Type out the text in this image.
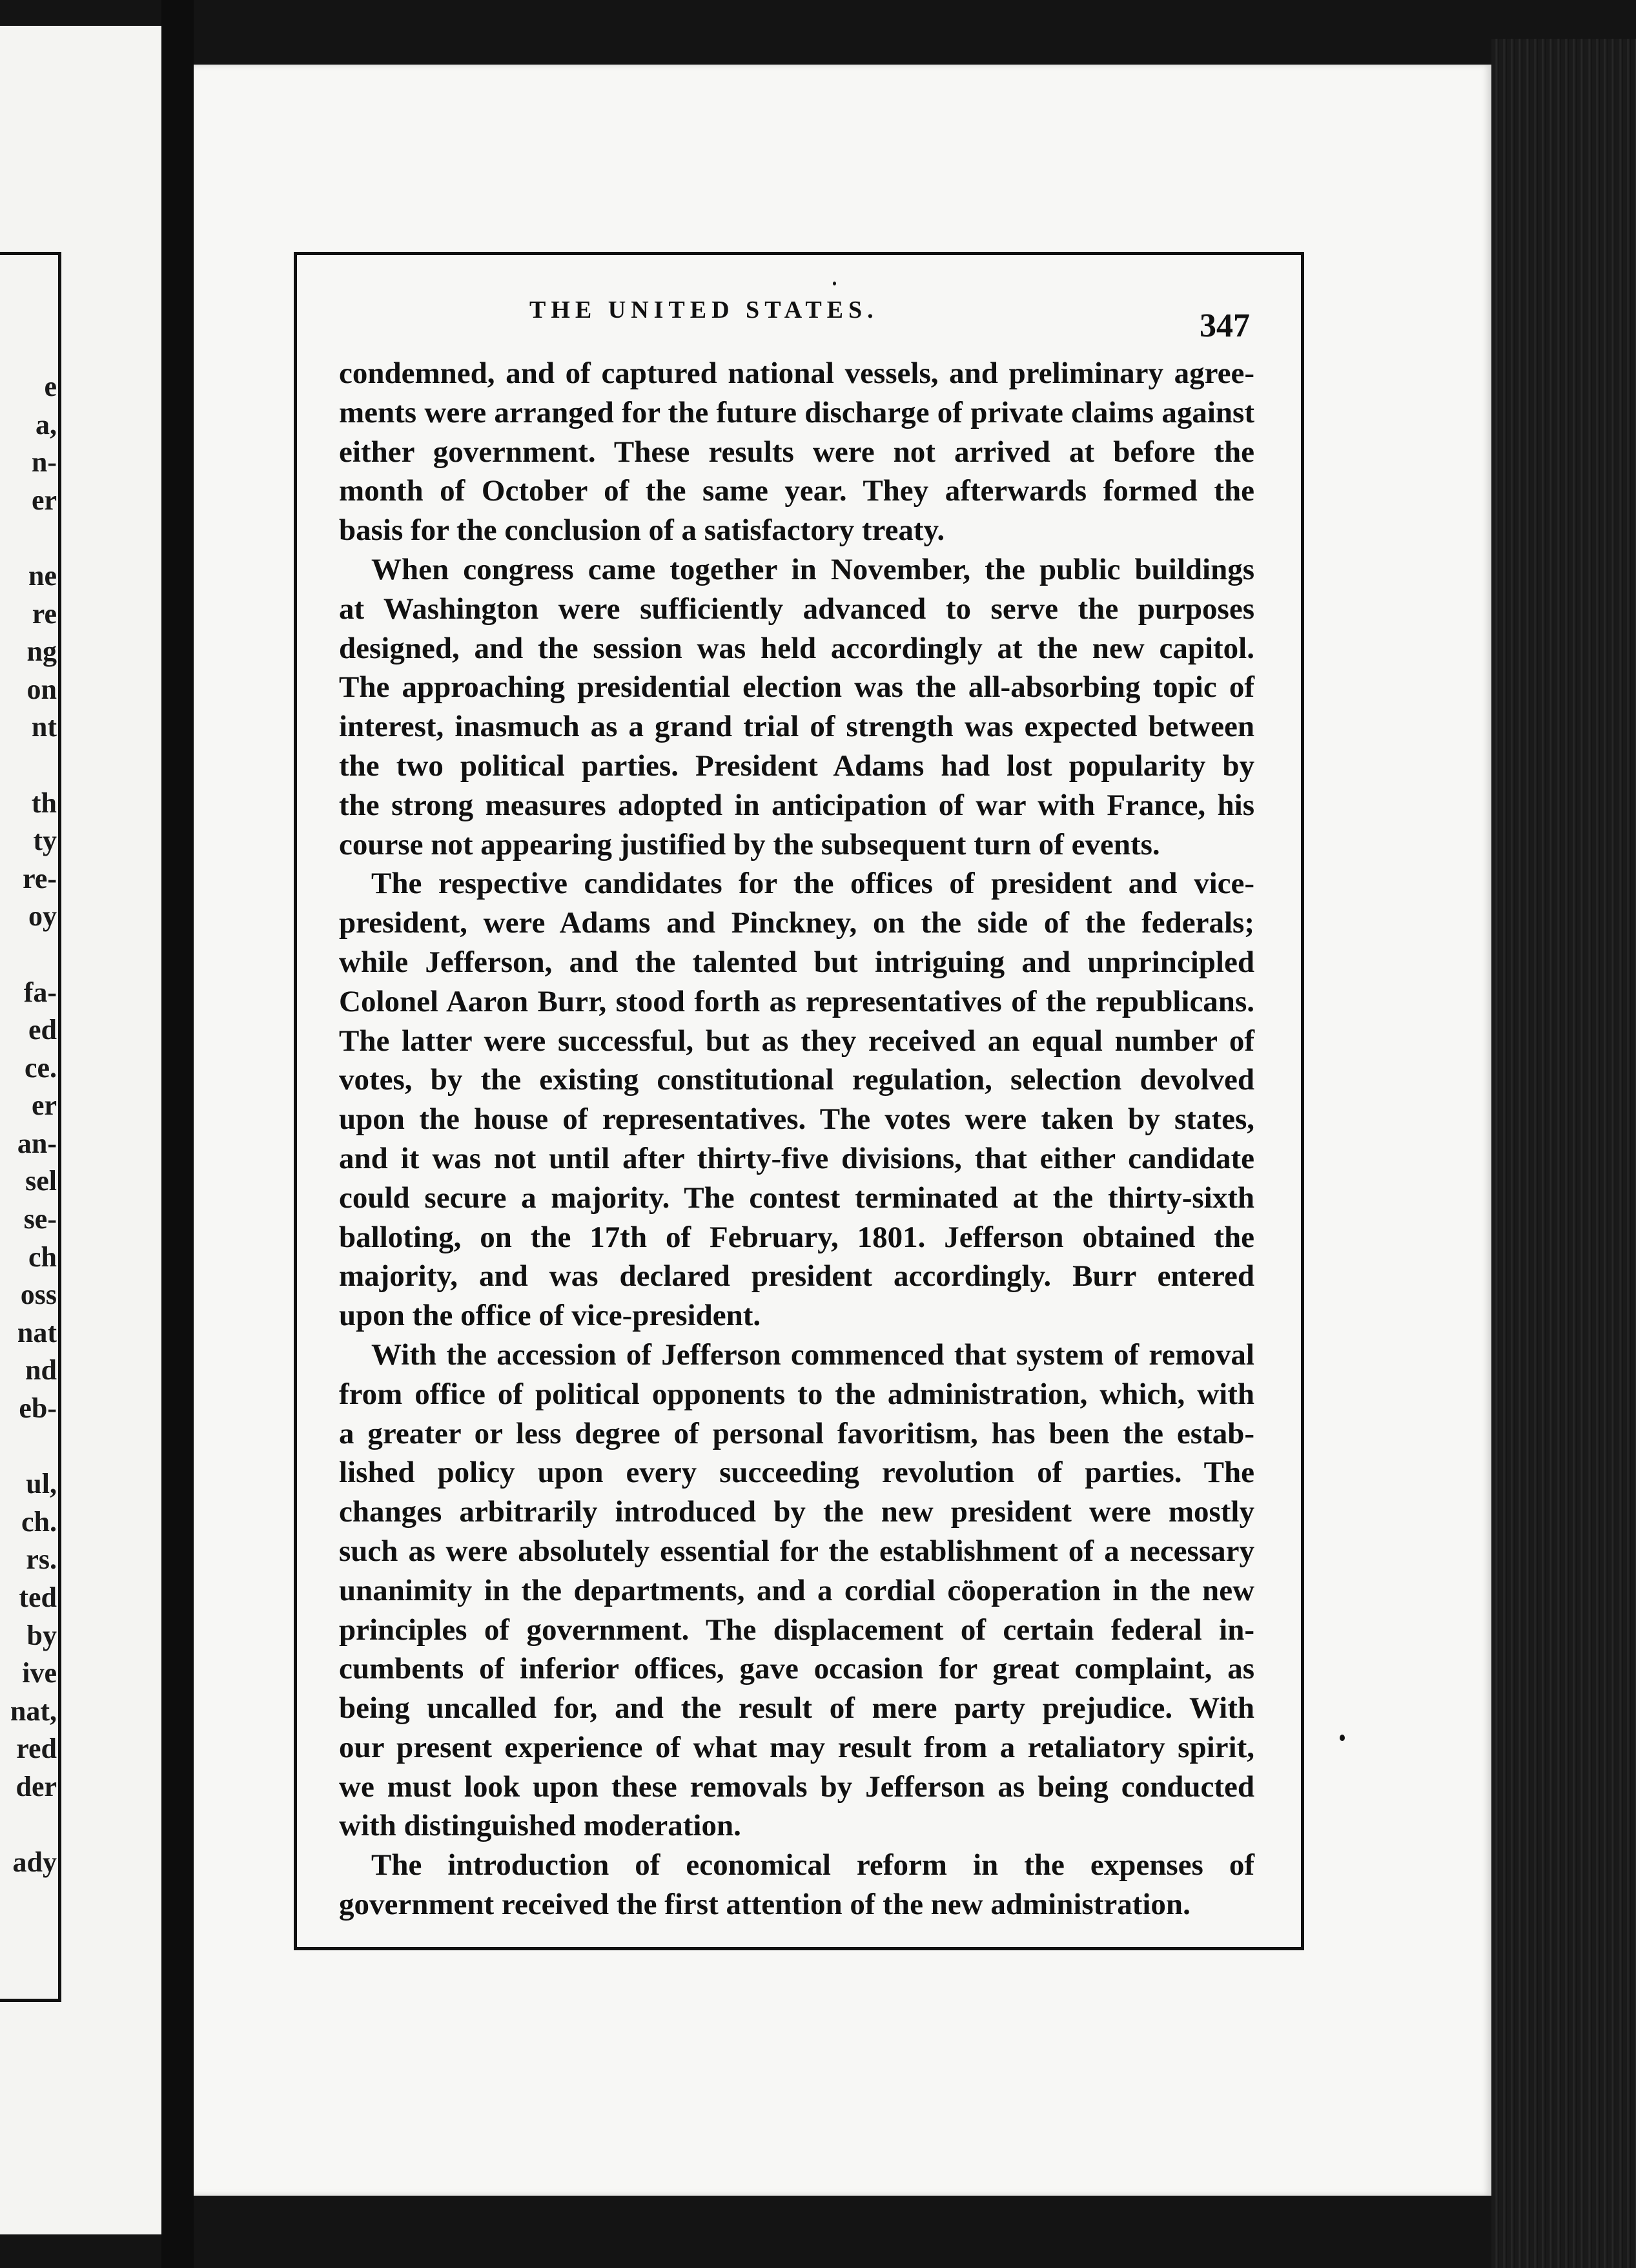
e
a,
n-
er
ne
re
ng
on
nt
th
ty
re-
oy
fa-
ed
ce.
er
an-
sel
se-
ch
oss
nat
nd
eb-
ul,
ch.
rs.
ted
by
ive
nat,
red
der
ady
THE UNITED STATES.	347
condemned, and of captured national vessels, and preliminary agree-
ments were arranged for the future discharge of private claims against
either government. These results were not arrived at before the
month of October of the same year. They afterwards formed the
basis for the conclusion of a satisfactory treaty.
When congress came together in November, the public buildings
at Washington were sufficiently advanced to serve the purposes
designed, and the session was held accordingly at the new capitol.
The approaching presidential election was the all-absorbing topic of
interest, inasmuch as a grand trial of strength was expected between
the two political parties. President Adams had lost popularity by
the strong measures adopted in anticipation of war with France, his
course not appearing justified by the subsequent turn of events.
The respective candidates for the offices of president and vice-
president, were Adams and Pinckney, on the side of the federals;
while Jefferson, and the talented but intriguing and unprincipled
Colonel Aaron Burr, stood forth as representatives of the republicans.
The latter were successful, but as they received an equal number of
votes, by the existing constitutional regulation, selection devolved
upon the house of representatives. The votes were taken by states,
and it was not until after thirty-five divisions, that either candidate
could secure a majority. The contest terminated at the thirty-sixth
balloting, on the 17th of February, 1801. Jefferson obtained the
majority, and was declared president accordingly. Burr entered
upon the office of vice-president.
With the accession of Jefferson commenced that system of removal
from office of political opponents to the administration, which, with
a greater or less degree of personal favoritism, has been the estab-
lished policy upon every succeeding revolution of parties. The
changes arbitrarily introduced by the new president were mostly
such as were absolutely essential for the establishment of a necessary
unanimity in the departments, and a cordial cöoperation in the new
principles of government. The displacement of certain federal in-
cumbents of inferior offices, gave occasion for great complaint, as
being uncalled for, and the result of mere party prejudice. With
our present experience of what may result from a retaliatory spirit,
we must look upon these removals by Jefferson as being conducted
with distinguished moderation.
The introduction of economical reform in the expenses of
government received the first attention of the new administration.
